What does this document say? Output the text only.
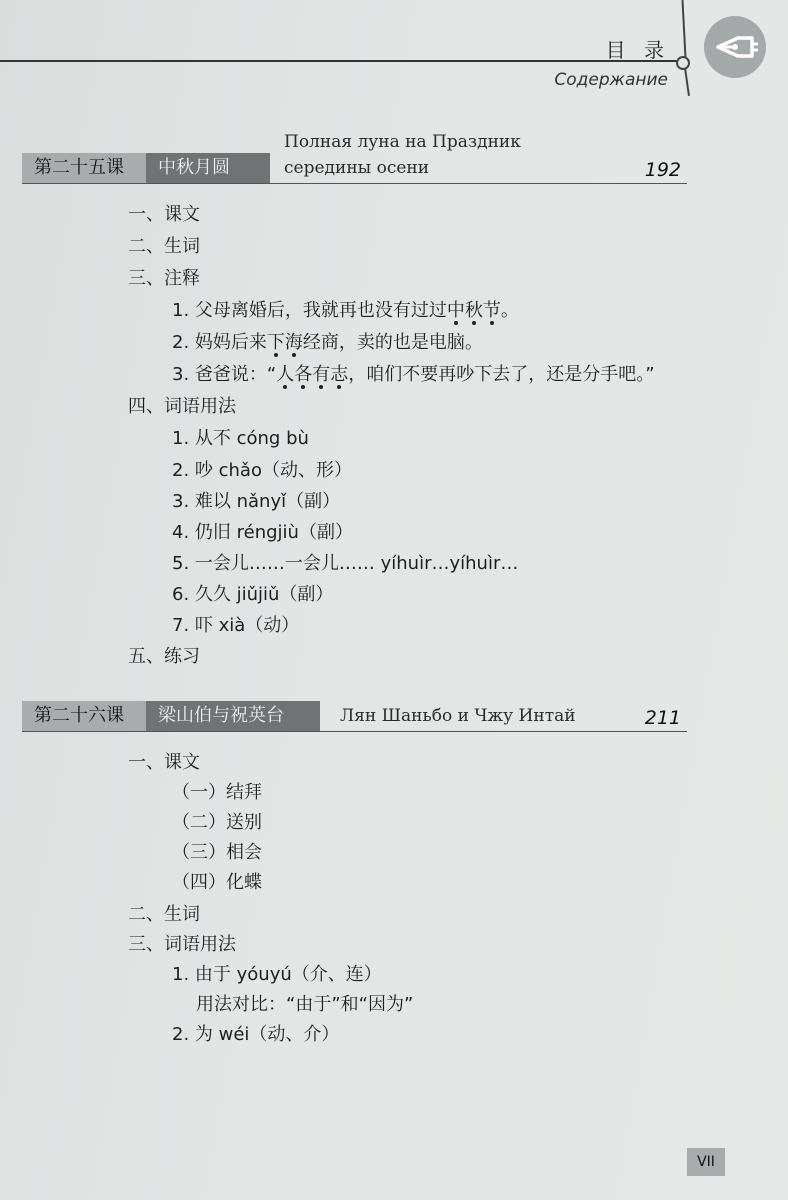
目 录
Содержание
第二十五课	中秋月圆
Полная луна на Праздник
середины осени	192
一、课文
二、生词
三、注释
1. 父母离婚后，我就再也没有过过中秋节。
2. 妈妈后来下海经商，卖的也是电脑。
3. 爸爸说：“人各有志，咱们不要再吵下去了，还是分手吧。”
四、词语用法
1. 从不 cóng bù
2. 吵 chǎo（动、形）
3. 难以 nǎnyǐ（副）
4. 仍旧 réngjiù（副）
5. 一会儿……一会儿…… yíhuìr…yíhuìr…
6. 久久 jiǔjiǔ（副）
7. 吓 xià（动）
五、练习
第二十六课	梁山伯与祝英台	Лян Шаньбо и Чжу Интай	211
一、课文
（一）结拜
（二）送别
（三）相会
（四）化蝶
二、生词
三、词语用法
1. 由于 yóuyú（介、连）
用法对比：“由于”和“因为”
2. 为 wéi（动、介）
VII
